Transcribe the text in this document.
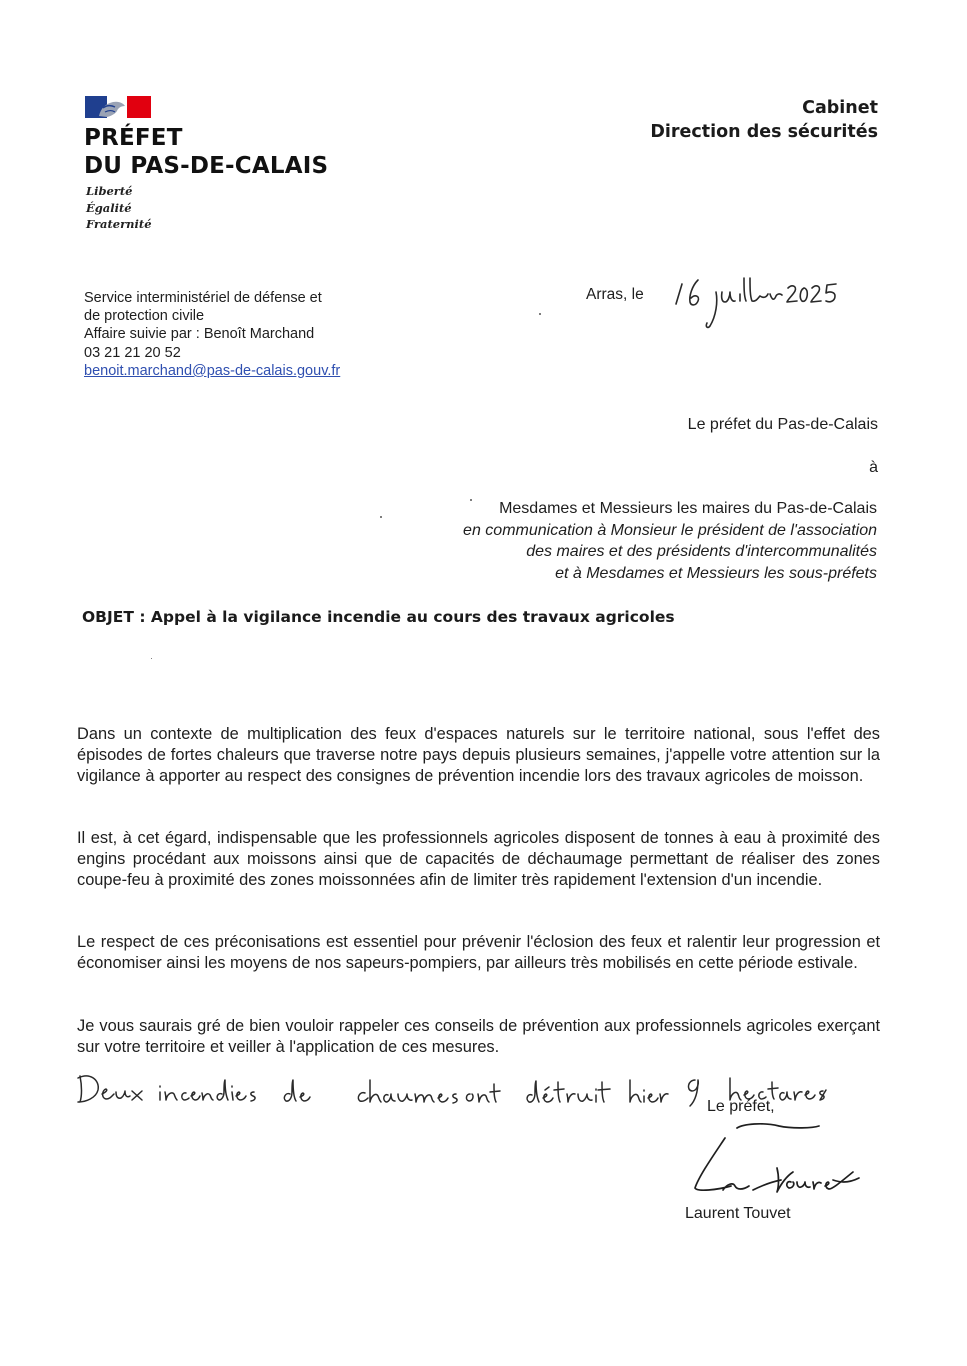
PRÉFET
DU PAS-DE-CALAIS
Liberté
Égalité
Fraternité
Cabinet
Direction des sécurités
Service interministériel de défense et
de protection civile
Affaire suivie par : Benoît Marchand
03 21 21 20 52
benoit.marchand@pas-de-calais.gouv.fr
Arras, le
Le préfet du Pas-de-Calais
à
Mesdames et Messieurs les maires du Pas-de-Calais
en communication à Monsieur le président de l'association
des maires et des présidents d'intercommunalités
et à Mesdames et Messieurs les sous-préfets
OBJET : Appel à la vigilance incendie au cours des travaux agricoles

Dans un contexte de multiplication des feux d'espaces naturels sur le territoire national, sous l'effet des épisodes de fortes chaleurs que traverse notre pays depuis plusieurs semaines, j'appelle votre attention sur la vigilance à apporter au respect des consignes de prévention incendie lors des travaux agricoles de moisson.

Il est, à cet égard, indispensable que les professionnels agricoles disposent de tonnes à eau à proximité des engins procédant aux moissons ainsi que de capacités de déchaumage permettant de réaliser des zones coupe-feu à proximité des zones moissonnées afin de limiter très rapidement l'extension d'un incendie.

Le respect de ces préconisations est essentiel pour prévenir l'éclosion des feux et ralentir leur progression et économiser ainsi les moyens de nos sapeurs-pompiers, par ailleurs très mobilisés en cette période estivale.

Je vous saurais gré de bien vouloir rappeler ces conseils de prévention aux professionnels agricoles exerçant sur votre territoire et veiller à l'application de ces mesures.

Le préfet,
Laurent Touvet
